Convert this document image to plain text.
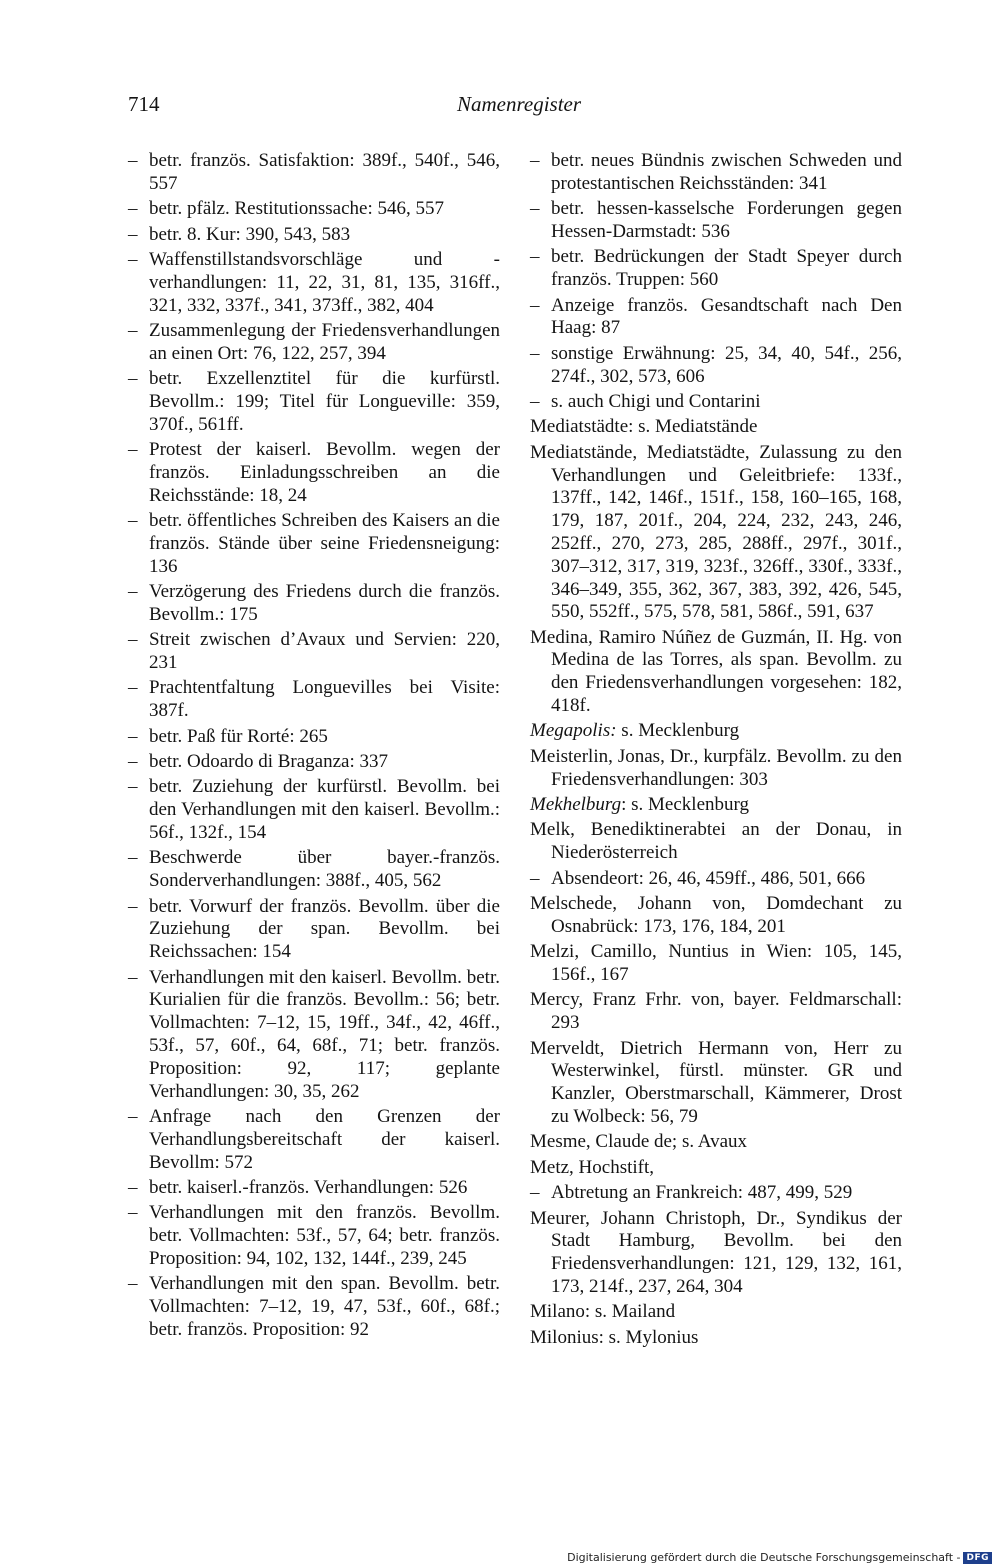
714	Namenregister
– betr. französ. Satisfaktion: 389f., 540f., 546, 557
– betr. pfälz. Restitutionssache: 546, 557
– betr. 8. Kur: 390, 543, 583
– Waffenstillstandsvorschläge und -verhandlungen: 11, 22, 31, 81, 135, 316ff., 321, 332, 337f., 341, 373ff., 382, 404
– Zusammenlegung der Friedensverhandlungen an einen Ort: 76, 122, 257, 394
– betr. Exzellenztitel für die kurfürstl. Bevollm.: 199; Titel für Longueville: 359, 370f., 561ff.
– Protest der kaiserl. Bevollm. wegen der französ. Einladungsschreiben an die Reichsstände: 18, 24
– betr. öffentliches Schreiben des Kaisers an die französ. Stände über seine Friedensneigung: 136
– Verzögerung des Friedens durch die französ. Bevollm.: 175
– Streit zwischen d’Avaux und Servien: 220, 231
– Prachtentfaltung Longuevilles bei Visite: 387f.
– betr. Paß für Rorté: 265
– betr. Odoardo di Braganza: 337
– betr. Zuziehung der kurfürstl. Bevollm. bei den Verhandlungen mit den kaiserl. Bevollm.: 56f., 132f., 154
– Beschwerde über bayer.-französ. Sonderverhandlungen: 388f., 405, 562
– betr. Vorwurf der französ. Bevollm. über die Zuziehung der span. Bevollm. bei Reichssachen: 154
– Verhandlungen mit den kaiserl. Bevollm. betr. Kurialien für die französ. Bevollm.: 56; betr. Vollmachten: 7–12, 15, 19ff., 34f., 42, 46ff., 53f., 57, 60f., 64, 68f., 71; betr. französ. Proposition: 92, 117; geplante Verhandlungen: 30, 35, 262
– Anfrage nach den Grenzen der Verhandlungsbereitschaft der kaiserl. Bevollm: 572
– betr. kaiserl.-französ. Verhandlungen: 526
– Verhandlungen mit den französ. Bevollm. betr. Vollmachten: 53f., 57, 64; betr. französ. Proposition: 94, 102, 132, 144f., 239, 245
– Verhandlungen mit den span. Bevollm. betr. Vollmachten: 7–12, 19, 47, 53f., 60f., 68f.; betr. französ. Proposition: 92
– betr. neues Bündnis zwischen Schweden und protestantischen Reichsständen: 341
– betr. hessen-kasselsche Forderungen gegen Hessen-Darmstadt: 536
– betr. Bedrückungen der Stadt Speyer durch französ. Truppen: 560
– Anzeige französ. Gesandtschaft nach Den Haag: 87
– sonstige Erwähnung: 25, 34, 40, 54f., 256, 274f., 302, 573, 606
– s. auch Chigi und Contarini
Mediatstädte: s. Mediatstände
Mediatstände, Mediatstädte, Zulassung zu den Verhandlungen und Geleitbriefe: 133f., 137ff., 142, 146f., 151f., 158, 160–165, 168, 179, 187, 201f., 204, 224, 232, 243, 246, 252ff., 270, 273, 285, 288ff., 297f., 301f., 307–312, 317, 319, 323f., 326ff., 330f., 333f., 346–349, 355, 362, 367, 383, 392, 426, 545, 550, 552ff., 575, 578, 581, 586f., 591, 637
Medina, Ramiro Núñez de Guzmán, II. Hg. von Medina de las Torres, als span. Bevollm. zu den Friedensverhandlungen vorgesehen: 182, 418f.
Megapolis: s. Mecklenburg
Meisterlin, Jonas, Dr., kurpfälz. Bevollm. zu den Friedensverhandlungen: 303
Mekhelburg: s. Mecklenburg
Melk, Benediktinerabtei an der Donau, in Niederösterreich
– Absendeort: 26, 46, 459ff., 486, 501, 666
Melschede, Johann von, Domdechant zu Osnabrück: 173, 176, 184, 201
Melzi, Camillo, Nuntius in Wien: 105, 145, 156f., 167
Mercy, Franz Frhr. von, bayer. Feldmarschall: 293
Merveldt, Dietrich Hermann von, Herr zu Westerwinkel, fürstl. münster. GR und Kanzler, Oberstmarschall, Kämmerer, Drost zu Wolbeck: 56, 79
Mesme, Claude de; s. Avaux
Metz, Hochstift,
– Abtretung an Frankreich: 487, 499, 529
Meurer, Johann Christoph, Dr., Syndikus der Stadt Hamburg, Bevollm. bei den Friedensverhandlungen: 121, 129, 132, 161, 173, 214f., 237, 264, 304
Milano: s. Mailand
Milonius: s. Mylonius
Digitalisierung gefördert durch die Deutsche Forschungsgemeinschaft - DFG
